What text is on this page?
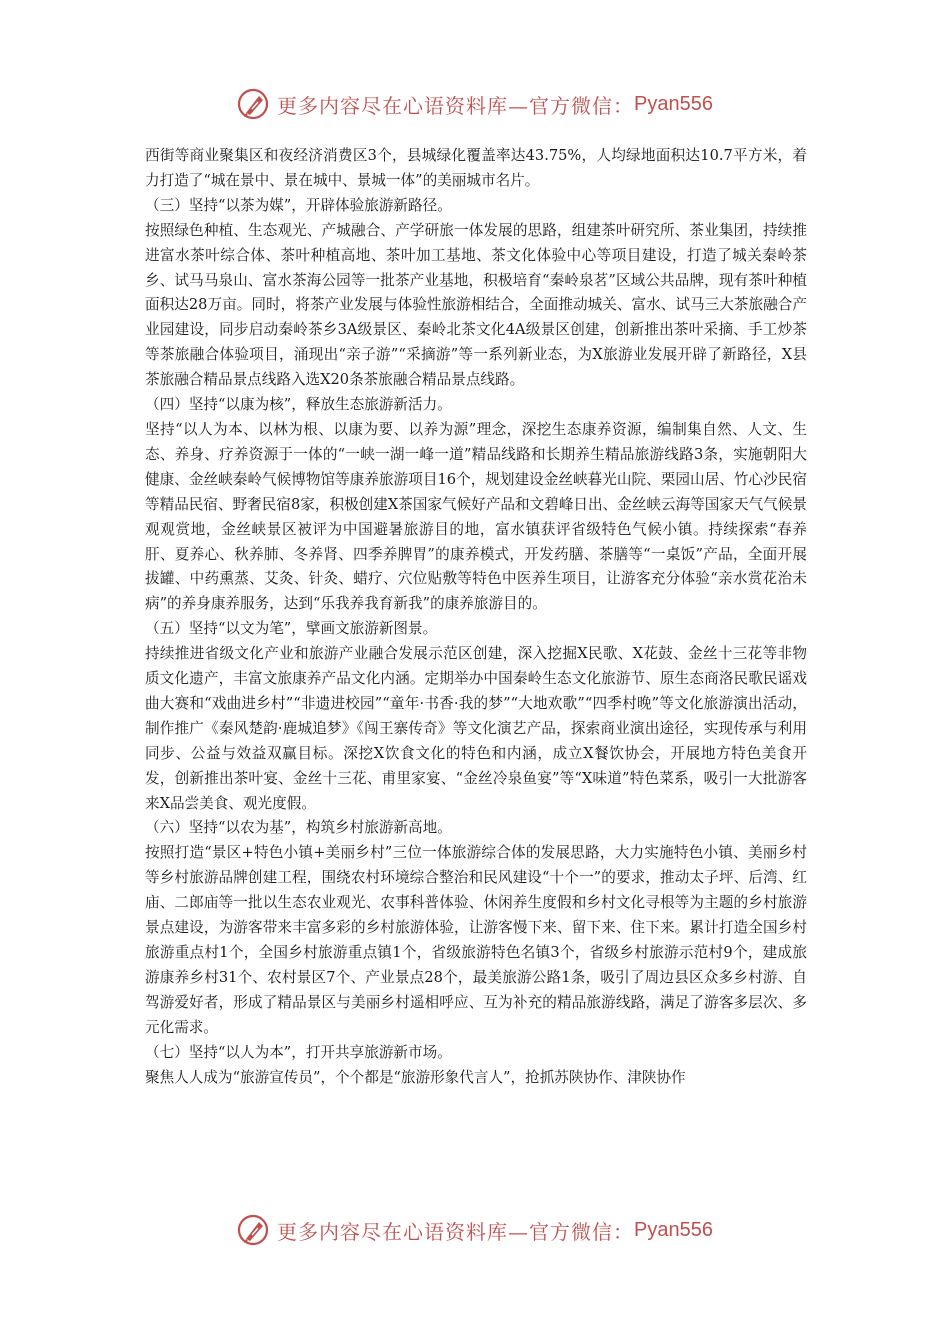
更多内容尽在心语资料库—官方微信： Pyan556

西街等商业聚集区和夜经济消费区3个，县城绿化覆盖率达43.75%，人均绿地面积达10.7平方米，着力打造了“城在景中、景在城中、景城一体”的美丽城市名片。

（三）坚持“以茶为媒”，开辟体验旅游新路径。

按照绿色种植、生态观光、产城融合、产学研旅一体发展的思路，组建茶叶研究所、茶业集团，持续推进富水茶叶综合体、茶叶种植高地、茶叶加工基地、茶文化体验中心等项目建设，打造了城关秦岭茶乡、试马马泉山、富水茶海公园等一批茶产业基地，积极培育“秦岭泉茗”区域公共品牌，现有茶叶种植面积达28万亩。同时，将茶产业发展与体验性旅游相结合，全面推动城关、富水、试马三大茶旅融合产业园建设，同步启动秦岭茶乡3A级景区、秦岭北茶文化4A级景区创建，创新推出茶叶采摘、手工炒茶等茶旅融合体验项目，涌现出“亲子游”“采摘游”等一系列新业态，为X旅游业发展开辟了新路径，X县茶旅融合精品景点线路入选X20条茶旅融合精品景点线路。

（四）坚持“以康为核”，释放生态旅游新活力。

坚持“以人为本、以林为根、以康为要、以养为源”理念，深挖生态康养资源，编制集自然、人文、生态、养身、疗养资源于一体的“一峡一湖一峰一道”精品线路和长期养生精品旅游线路3条，实施朝阳大健康、金丝峡秦岭气候博物馆等康养旅游项目16个，规划建设金丝峡暮光山院、栗园山居、竹心沙民宿等精品民宿、野奢民宿8家，积极创建X茶国家气候好产品和文碧峰日出、金丝峡云海等国家天气气候景观观赏地，金丝峡景区被评为中国避暑旅游目的地，富水镇获评省级特色气候小镇。持续探索“春养肝、夏养心、秋养肺、冬养肾、四季养脾胃”的康养模式，开发药膳、茶膳等“一桌饭”产品，全面开展拔罐、中药熏蒸、艾灸、针灸、蜡疗、穴位贴敷等特色中医养生项目，让游客充分体验“亲水赏花治未病”的养身康养服务，达到“乐我养我育新我”的康养旅游目的。

（五）坚持“以文为笔”，擘画文旅游新图景。

持续推进省级文化产业和旅游产业融合发展示范区创建，深入挖掘X民歌、X花鼓、金丝十三花等非物质文化遗产，丰富文旅康养产品文化内涵。定期举办中国秦岭生态文化旅游节、原生态商洛民歌民谣戏曲大赛和“戏曲进乡村”“非遗进校园”“童年·书香·我的梦”“大地欢歌”“四季村晚”等文化旅游演出活动，制作推广《秦风楚韵·鹿城追梦》《闯王寨传奇》等文化演艺产品，探索商业演出途径，实现传承与利用同步、公益与效益双赢目标。深挖X饮食文化的特色和内涵，成立X餐饮协会，开展地方特色美食开发，创新推出茶叶宴、金丝十三花、甫里家宴、“金丝冷泉鱼宴”等“X味道”特色菜系，吸引一大批游客来X品尝美食、观光度假。

（六）坚持“以农为基”，构筑乡村旅游新高地。

按照打造“景区+特色小镇+美丽乡村”三位一体旅游综合体的发展思路，大力实施特色小镇、美丽乡村等乡村旅游品牌创建工程，围绕农村环境综合整治和民风建设“十个一”的要求，推动太子坪、后湾、红庙、二郎庙等一批以生态农业观光、农事科普体验、休闲养生度假和乡村文化寻根等为主题的乡村旅游景点建设，为游客带来丰富多彩的乡村旅游体验，让游客慢下来、留下来、住下来。累计打造全国乡村旅游重点村1个，全国乡村旅游重点镇1个，省级旅游特色名镇3个，省级乡村旅游示范村9个，建成旅游康养乡村31个、农村景区7个、产业景点28个，最美旅游公路1条，吸引了周边县区众多乡村游、自驾游爱好者，形成了精品景区与美丽乡村遥相呼应、互为补充的精品旅游线路，满足了游客多层次、多元化需求。

（七）坚持“以人为本”，打开共享旅游新市场。

聚焦人人成为“旅游宣传员”，个个都是“旅游形象代言人”，抢抓苏陕协作、津陕协作

更多内容尽在心语资料库—官方微信： Pyan556
